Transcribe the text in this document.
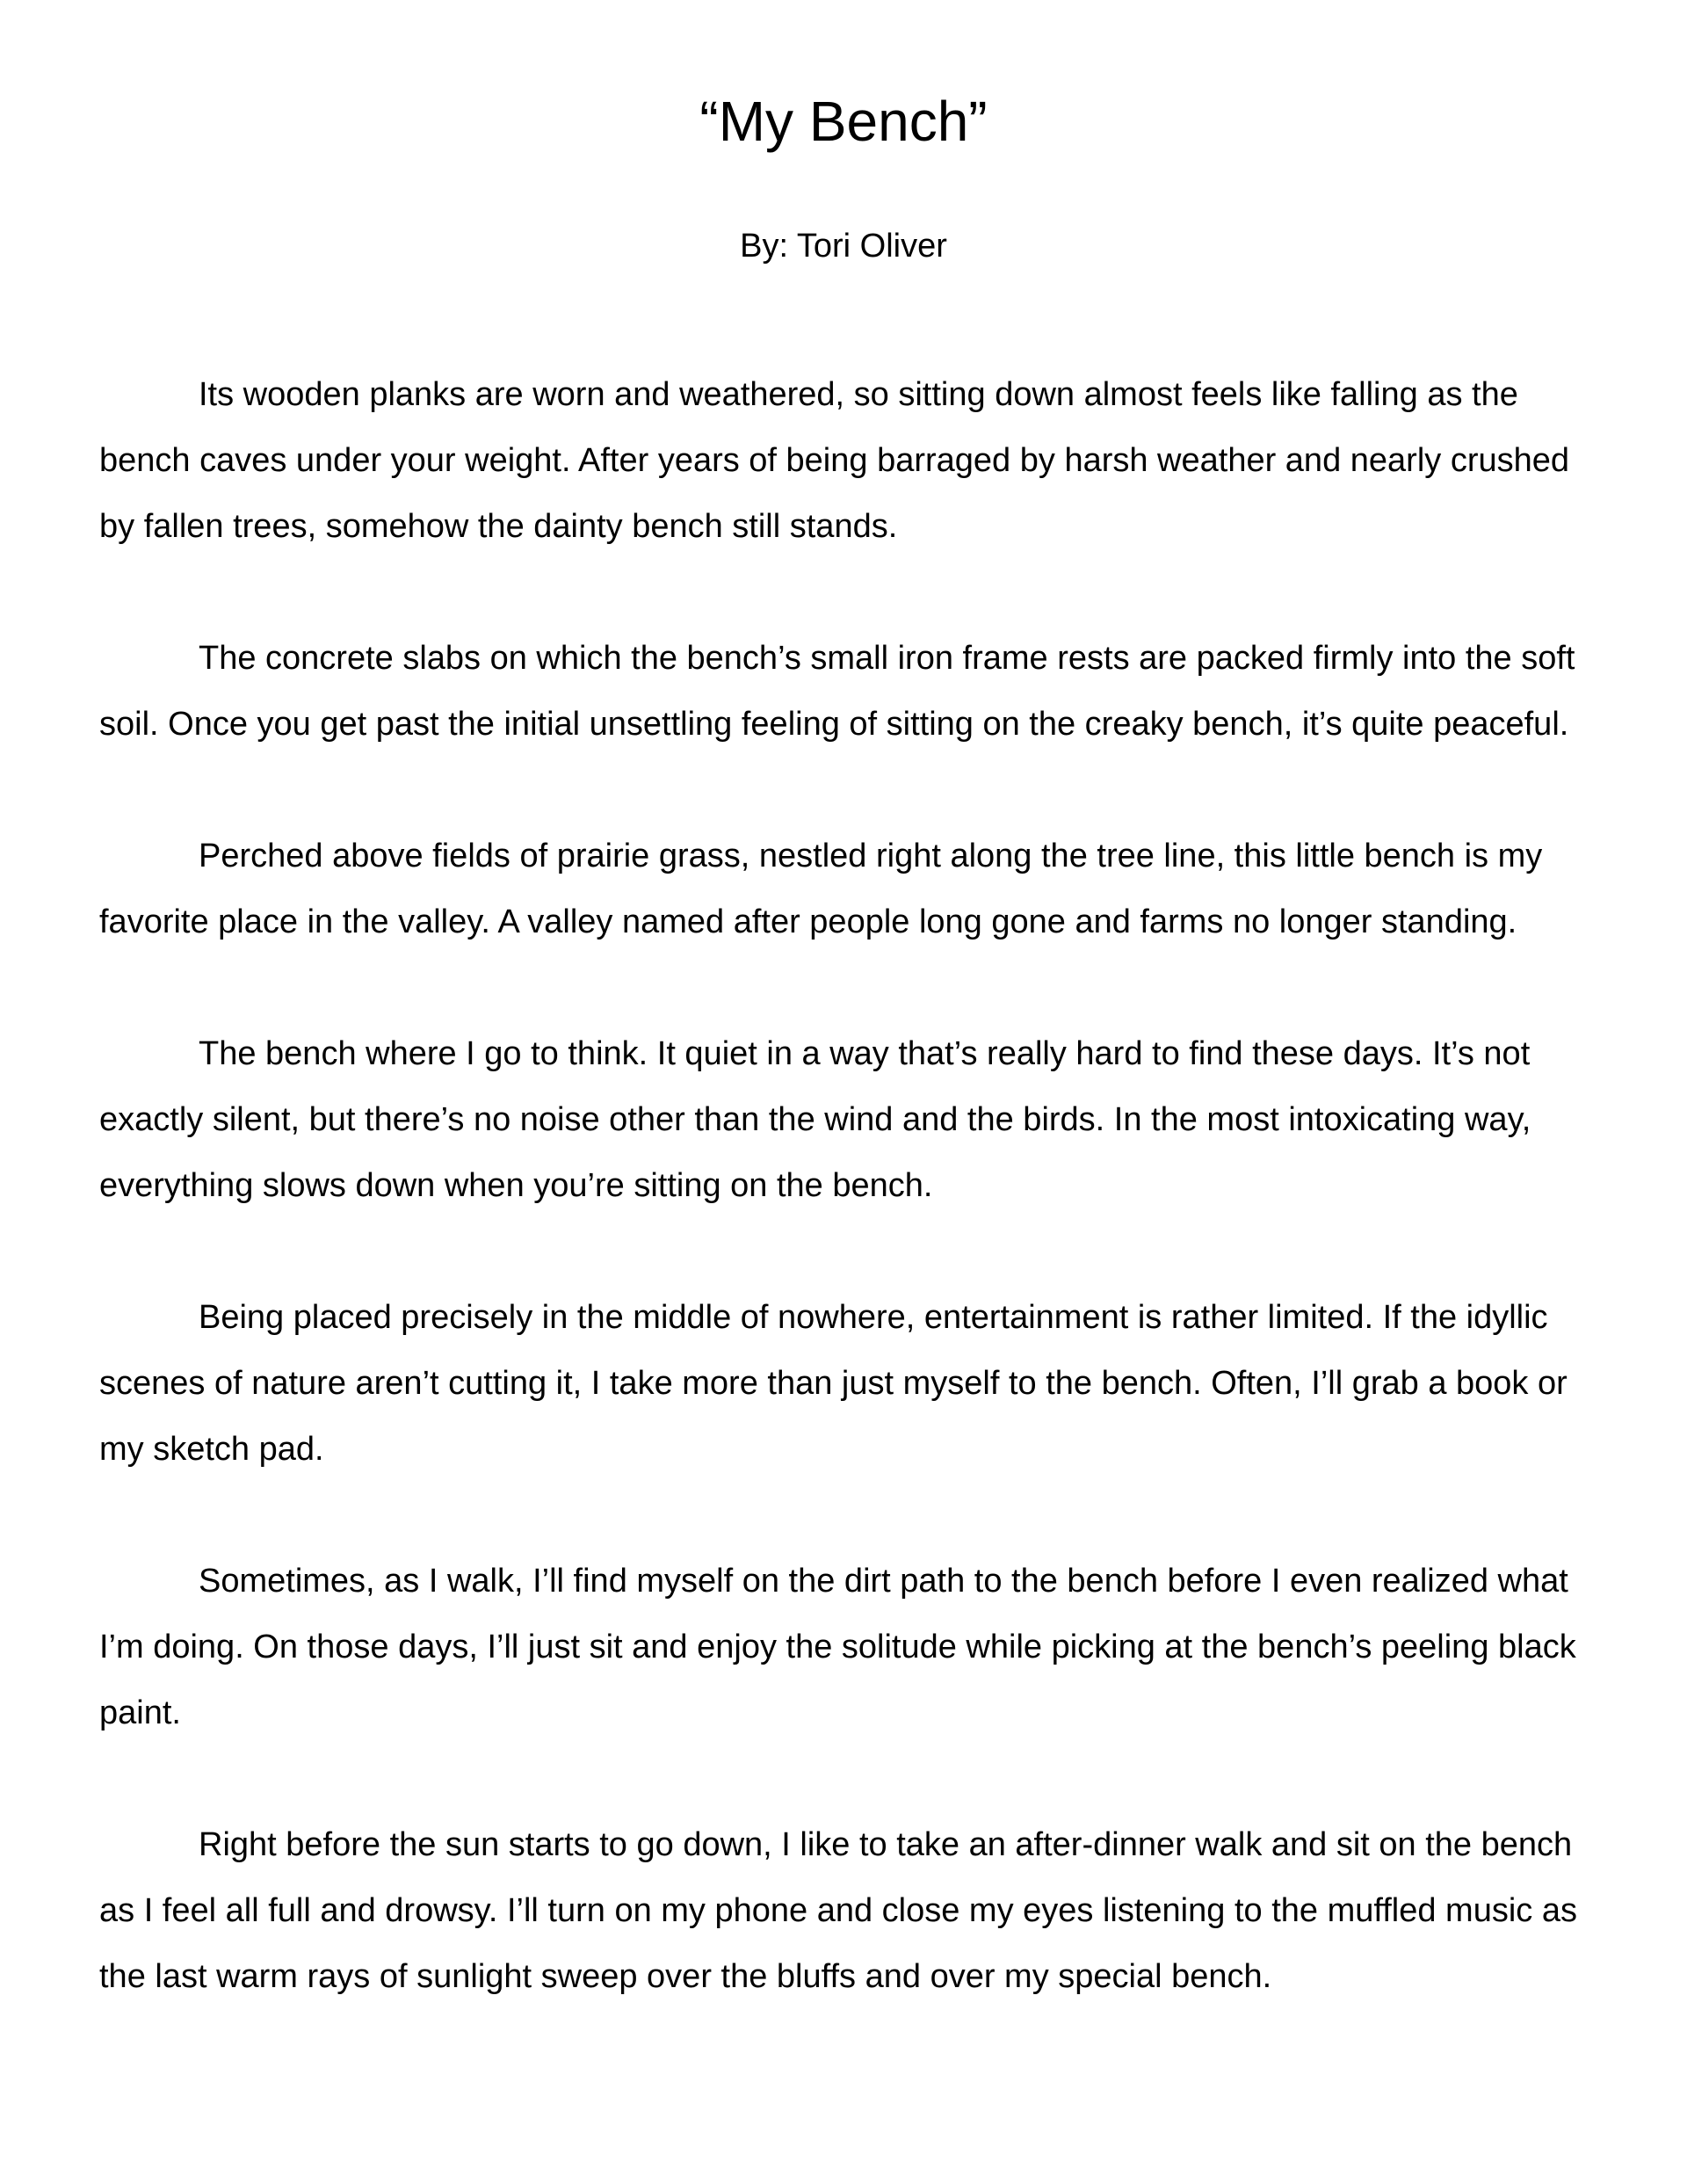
“My Bench”

By: Tori Oliver

Its wooden planks are worn and weathered, so sitting down almost feels like falling as the bench caves under your weight. After years of being barraged by harsh weather and nearly crushed by fallen trees, somehow the dainty bench still stands.

The concrete slabs on which the bench’s small iron frame rests are packed firmly into the soft soil. Once you get past the initial unsettling feeling of sitting on the creaky bench, it’s quite peaceful.

Perched above fields of prairie grass, nestled right along the tree line, this little bench is my favorite place in the valley. A valley named after people long gone and farms no longer standing.

The bench where I go to think. It quiet in a way that’s really hard to find these days. It’s not exactly silent, but there’s no noise other than the wind and the birds. In the most intoxicating way, everything slows down when you’re sitting on the bench.

Being placed precisely in the middle of nowhere, entertainment is rather limited. If the idyllic scenes of nature aren’t cutting it, I take more than just myself to the bench. Often, I’ll grab a book or my sketch pad.

Sometimes, as I walk, I’ll find myself on the dirt path to the bench before I even realized what I’m doing. On those days, I’ll just sit and enjoy the solitude while picking at the bench’s peeling black paint.

Right before the sun starts to go down, I like to take an after-dinner walk and sit on the bench as I feel all full and drowsy. I’ll turn on my phone and close my eyes listening to the muffled music as the last warm rays of sunlight sweep over the bluffs and over my special bench.
